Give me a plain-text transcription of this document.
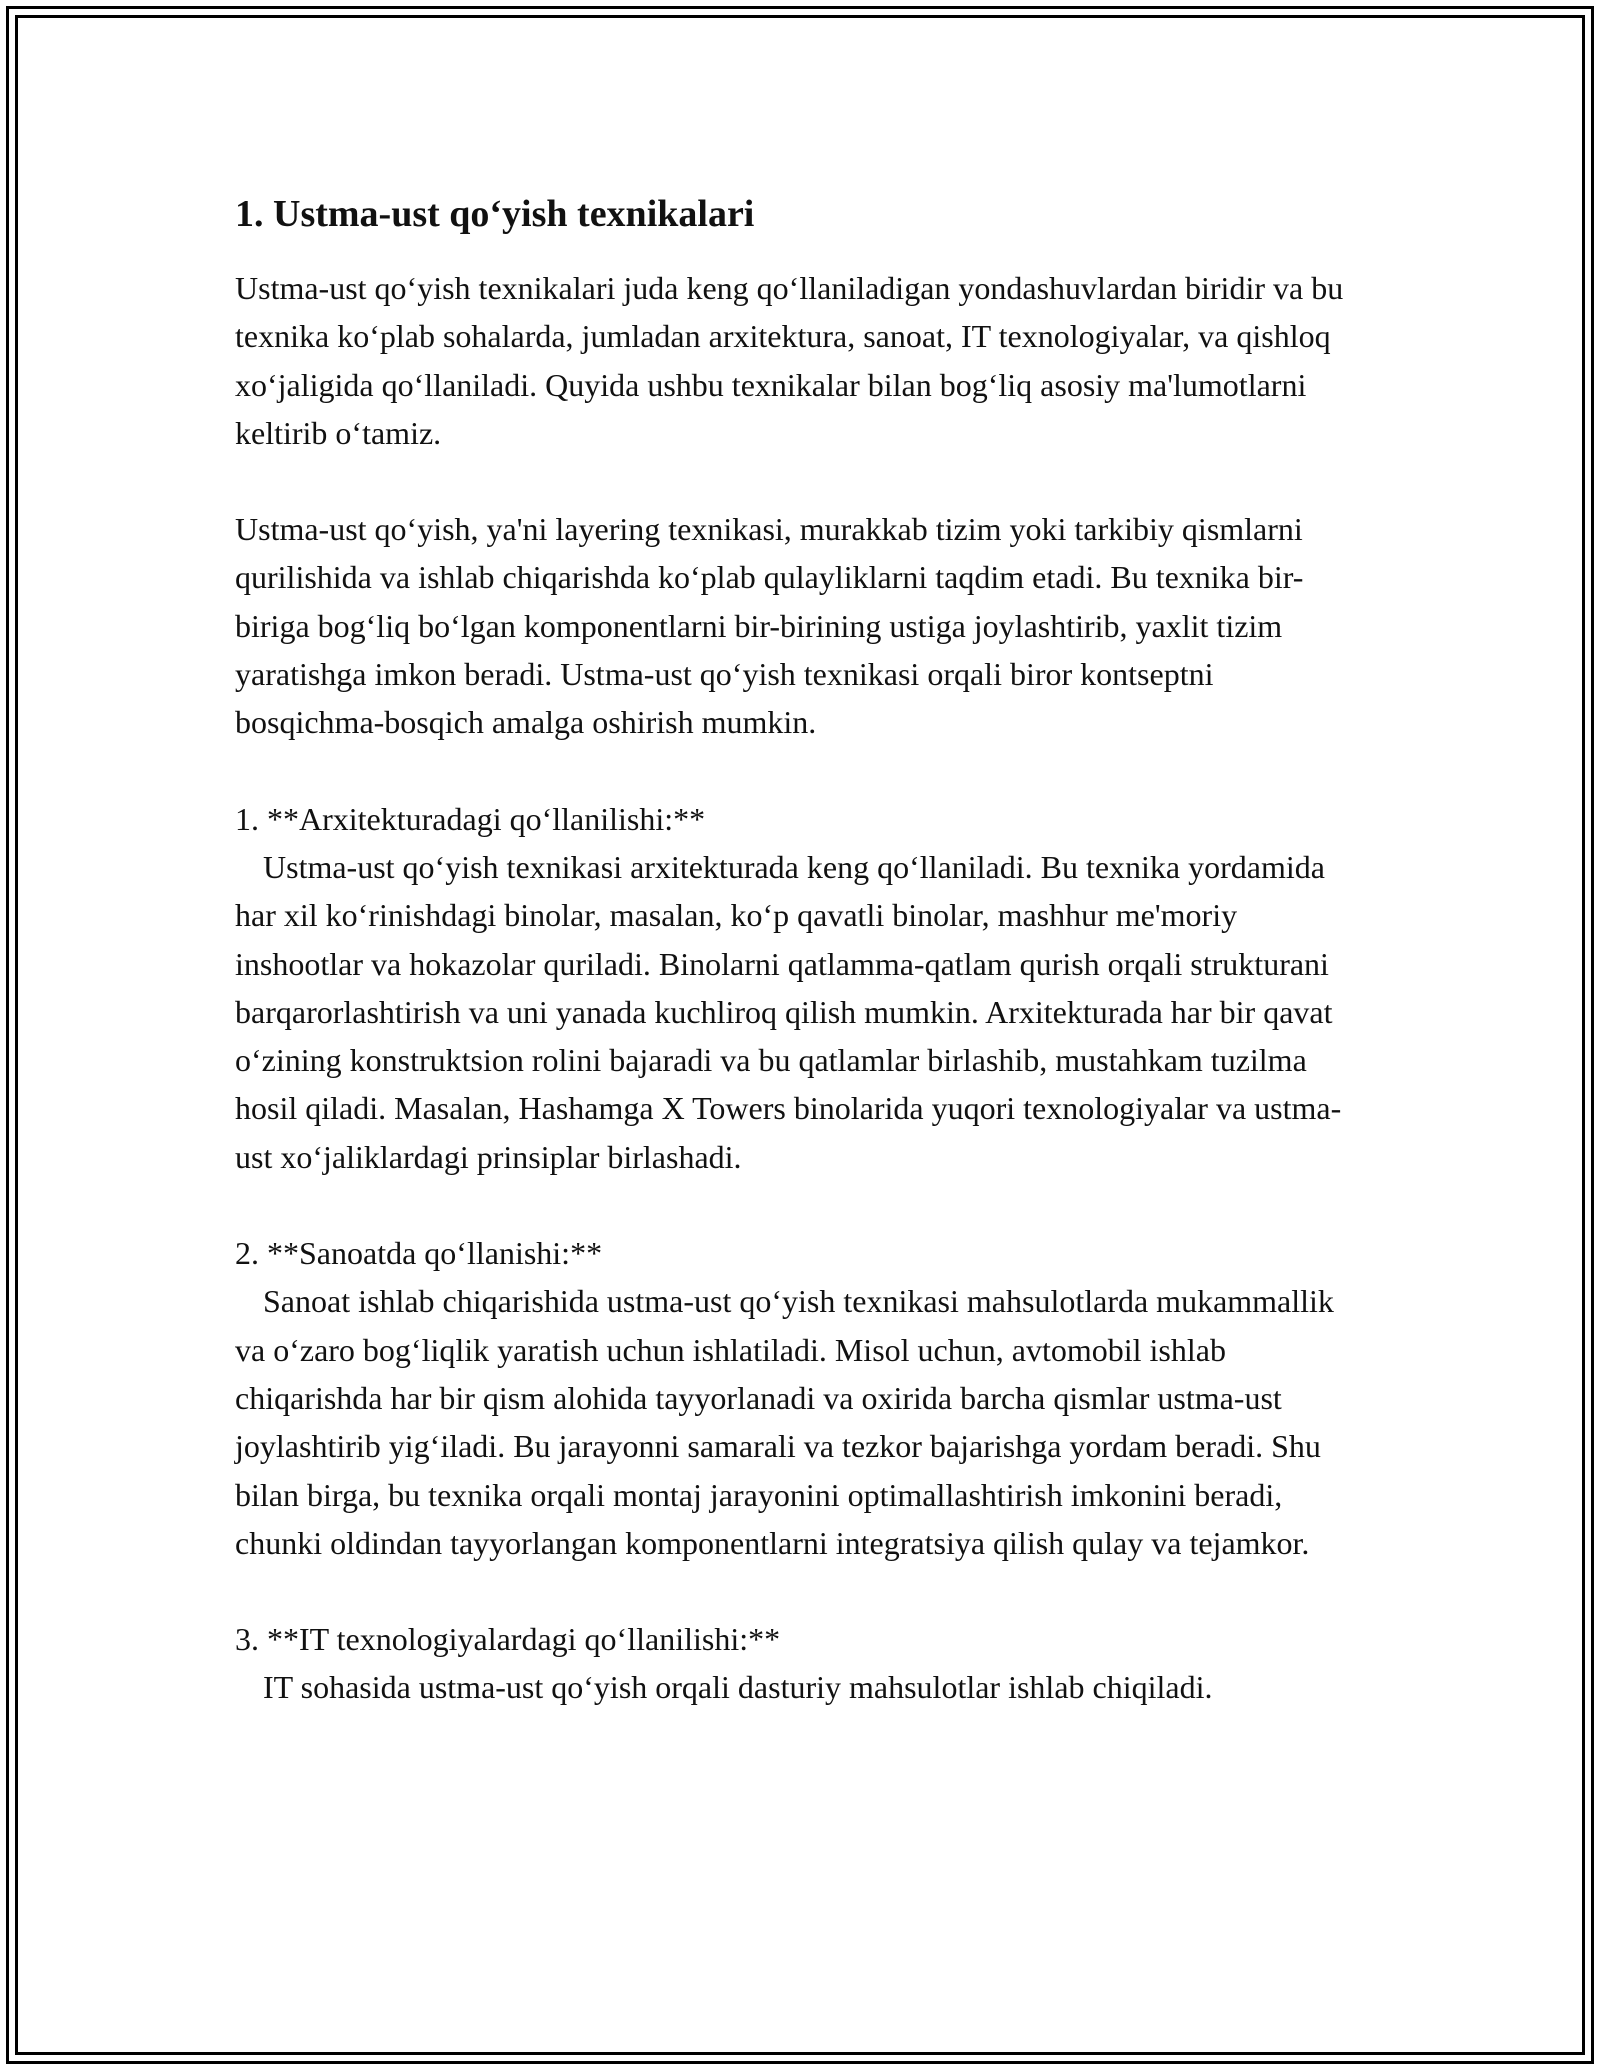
1. Ustma-ust qo‘yish texnikalari

Ustma-ust qo‘yish texnikalari juda keng qo‘llaniladigan yondashuvlardan biridir va bu texnika ko‘plab sohalarda, jumladan arxitektura, sanoat, IT texnologiyalar, va qishloq xo‘jaligida qo‘llaniladi. Quyida ushbu texnikalar bilan bog‘liq asosiy ma'lumotlarni keltirib o‘tamiz.

Ustma-ust qo‘yish, ya'ni layering texnikasi, murakkab tizim yoki tarkibiy qismlarni qurilishida va ishlab chiqarishda ko‘plab qulayliklarni taqdim etadi. Bu texnika bir-biriga bog‘liq bo‘lgan komponentlarni bir-birining ustiga joylashtirib, yaxlit tizim yaratishga imkon beradi. Ustma-ust qo‘yish texnikasi orqali biror kontseptni bosqichma-bosqich amalga oshirish mumkin.

1. **Arxitekturadagi qo‘llanilishi:**
Ustma-ust qo‘yish texnikasi arxitekturada keng qo‘llaniladi. Bu texnika yordamida har xil ko‘rinishdagi binolar, masalan, ko‘p qavatli binolar, mashhur me'moriy inshootlar va hokazolar quriladi. Binolarni qatlamma-qatlam qurish orqali strukturani barqarorlashtirish va uni yanada kuchliroq qilish mumkin. Arxitekturada har bir qavat o‘zining konstruktsion rolini bajaradi va bu qatlamlar birlashib, mustahkam tuzilma hosil qiladi. Masalan, Hashamga X Towers binolarida yuqori texnologiyalar va ustma-ust xo‘jaliklardagi prinsiplar birlashadi.
2. **Sanoatda qo‘llanishi:**
Sanoat ishlab chiqarishida ustma-ust qo‘yish texnikasi mahsulotlarda mukammallik va o‘zaro bog‘liqlik yaratish uchun ishlatiladi. Misol uchun, avtomobil ishlab chiqarishda har bir qism alohida tayyorlanadi va oxirida barcha qismlar ustma-ust joylashtirib yig‘iladi. Bu jarayonni samarali va tezkor bajarishga yordam beradi. Shu bilan birga, bu texnika orqali montaj jarayonini optimallashtirish imkonini beradi, chunki oldindan tayyorlangan komponentlarni integratsiya qilish qulay va tejamkor.
3. **IT texnologiyalardagi qo‘llanilishi:**
IT sohasida ustma-ust qo‘yish orqali dasturiy mahsulotlar ishlab chiqiladi.
